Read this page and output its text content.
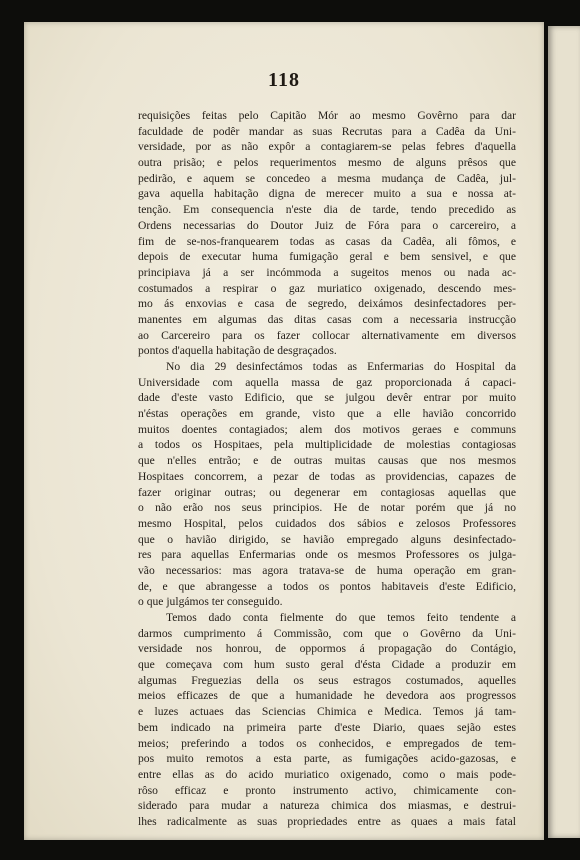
118
requisições feitas pelo Capitão Mór ao mesmo Govêrno para dar
faculdade de podêr mandar as suas Recrutas para a Cadêa da Uni-
versidade, por as não expôr a contagiarem-se pelas febres d'aquella
outra prisão; e pelos requerimentos mesmo de alguns prêsos que
pedirão, e aquem se concedeo a mesma mudança de Cadêa, jul-
gava aquella habitação digna de merecer muito a sua e nossa at-
tenção. Em consequencia n'este dia de tarde, tendo precedido as
Ordens necessarias do Doutor Juiz de Fóra para o carcereiro, a
fim de se-nos-franquearem todas as casas da Cadêa, ali fômos, e
depois de executar huma fumigação geral e bem sensivel, e que
principiava já a ser incómmoda a sugeitos menos ou nada ac-
costumados a respirar o gaz muriatico oxigenado, descendo mes-
mo ás enxovias e casa de segredo, deixámos desinfectadores per-
manentes em algumas das ditas casas com a necessaria instrucção
ao Carcereiro para os fazer collocar alternativamente em diversos
pontos d'aquella habitação de desgraçados.
No dia 29 desinfectámos todas as Enfermarias do Hospital da
Universidade com aquella massa de gaz proporcionada á capaci-
dade d'este vasto Edificio, que se julgou devêr entrar por muito
n'éstas operações em grande, visto que a elle havião concorrido
muitos doentes contagiados; alem dos motivos geraes e communs
a todos os Hospitaes, pela multiplicidade de molestias contagiosas
que n'elles entrão; e de outras muitas causas que nos mesmos
Hospitaes concorrem, a pezar de todas as providencias, capazes de
fazer originar outras; ou degenerar em contagiosas aquellas que
o não erão nos seus principios. He de notar porém que já no
mesmo Hospital, pelos cuidados dos sábios e zelosos Professores
que o havião dirigido, se havião empregado alguns desinfectado-
res para aquellas Enfermarias onde os mesmos Professores os julga-
vão necessarios: mas agora tratava-se de huma operação em gran-
de, e que abrangesse a todos os pontos habitaveis d'este Edificio,
o que julgámos ter conseguido.
Temos dado conta fielmente do que temos feito tendente a
darmos cumprimento á Commissão, com que o Govêrno da Uni-
versidade nos honrou, de oppormos á propagação do Contágio,
que começava com hum susto geral d'ésta Cidade a produzir em
algumas Freguezias della os seus estragos costumados, aquelles
meios efficazes de que a humanidade he devedora aos progressos
e luzes actuaes das Sciencias Chimica e Medica. Temos já tam-
bem indicado na primeira parte d'este Diario, quaes sejão estes
meios; preferindo a todos os conhecidos, e empregados de tem-
pos muito remotos a esta parte, as fumigações acido-gazosas, e
entre ellas as do acido muriatico oxigenado, como o mais pode-
rôso efficaz e pronto instrumento activo, chimicamente con-
siderado para mudar a natureza chimica dos miasmas, e destrui-
lhes radicalmente as suas propriedades entre as quaes a mais fatal
